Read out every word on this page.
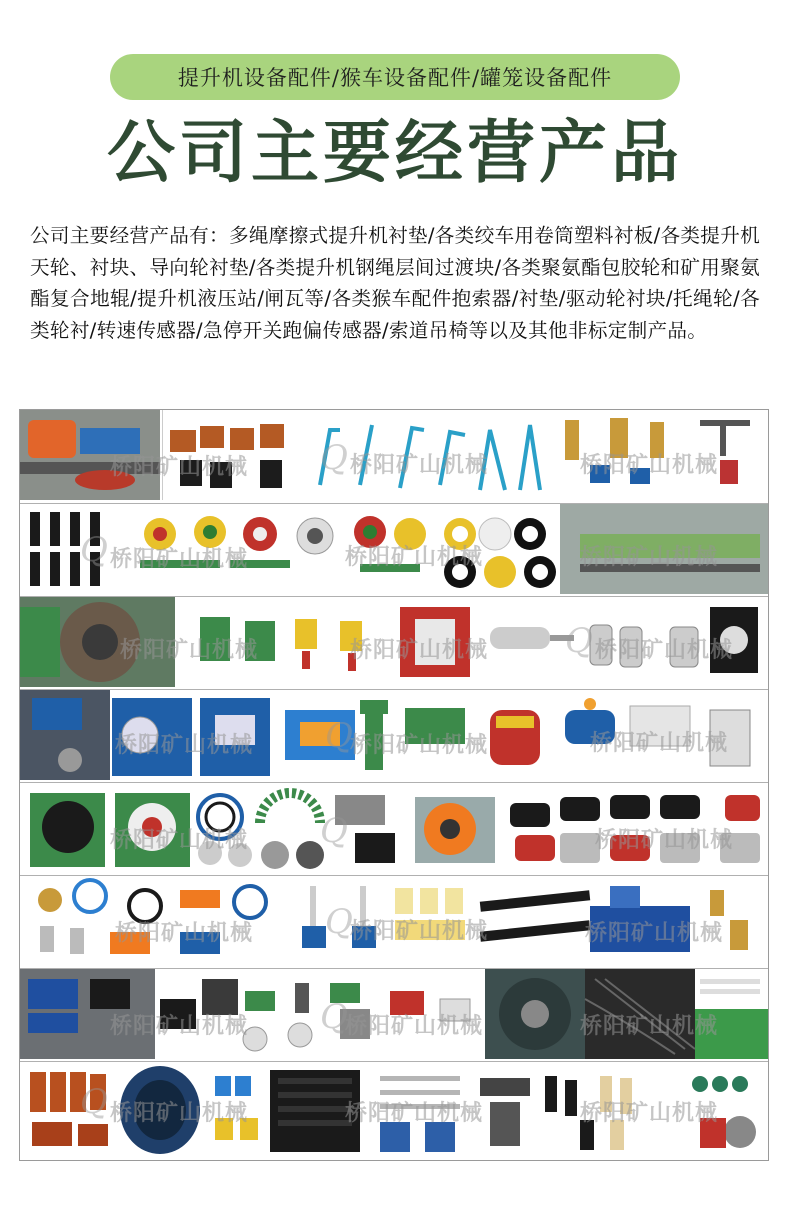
提升机设备配件/猴车设备配件/罐笼设备配件
公司主要经营产品
公司主要经营产品有：多绳摩擦式提升机衬垫/各类绞车用卷筒塑料衬板/各类提升机天轮、衬块、导向轮衬垫/各类提升机钢绳层间过渡块/各类聚氨酯包胶轮和矿用聚氨酯复合地辊/提升机液压站/闸瓦等/各类猴车配件抱索器/衬垫/驱动轮衬块/托绳轮/各类轮衬/转速传感器/急停开关跑偏传感器/索道吊椅等以及其他非标定制产品。
Q
桥阳矿山机械	桥阳矿山机械	桥阳矿山机械
Q 桥阳矿山机械	桥阳矿山机械	桥阳矿山机械
桥阳矿山机械	桥阳矿山机械 Q 桥阳矿山机械
桥阳矿山机械 Q
桥阳矿山机械	桥阳矿山机械
桥阳矿山机械 Q	桥阳矿山机械
桥阳矿山机械 Q
桥阳矿山机械	桥阳矿山机械
桥阳矿山机械 Q
桥阳矿山机械	桥阳矿山机械
Q 桥阳矿山机械	桥阳矿山机械	桥阳矿山机械
